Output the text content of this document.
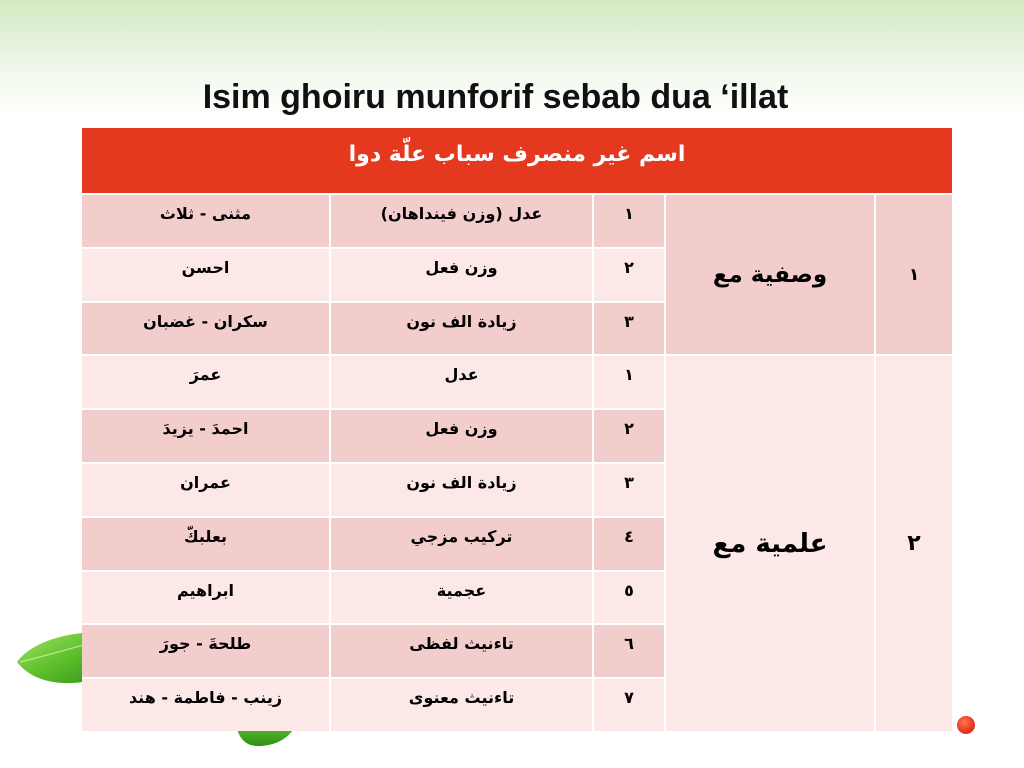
Isim ghoiru munforif sebab dua ‘illat
اسم غير منصرف سباب علّة دوا
وصفية مع	١
مثنى - ثلاث	عدل (وزن فينداهان)	١
احسن	وزن فعل	٢
سكران - غضبان	زيادة الف نون	٣
علمية مع	٢
عمرَ	عدل	١
احمدَ - يزيدَ	وزن فعل	٢
عمران	زيادة الف نون	٣
بعلبكّ	تركيب مزجي	٤
ابراهيم	عجمية	٥
طلحةَ - جورَ	تاءنيث لفظى	٦
زينب - فاطمة - هند	تاءنيث معنوى	٧
